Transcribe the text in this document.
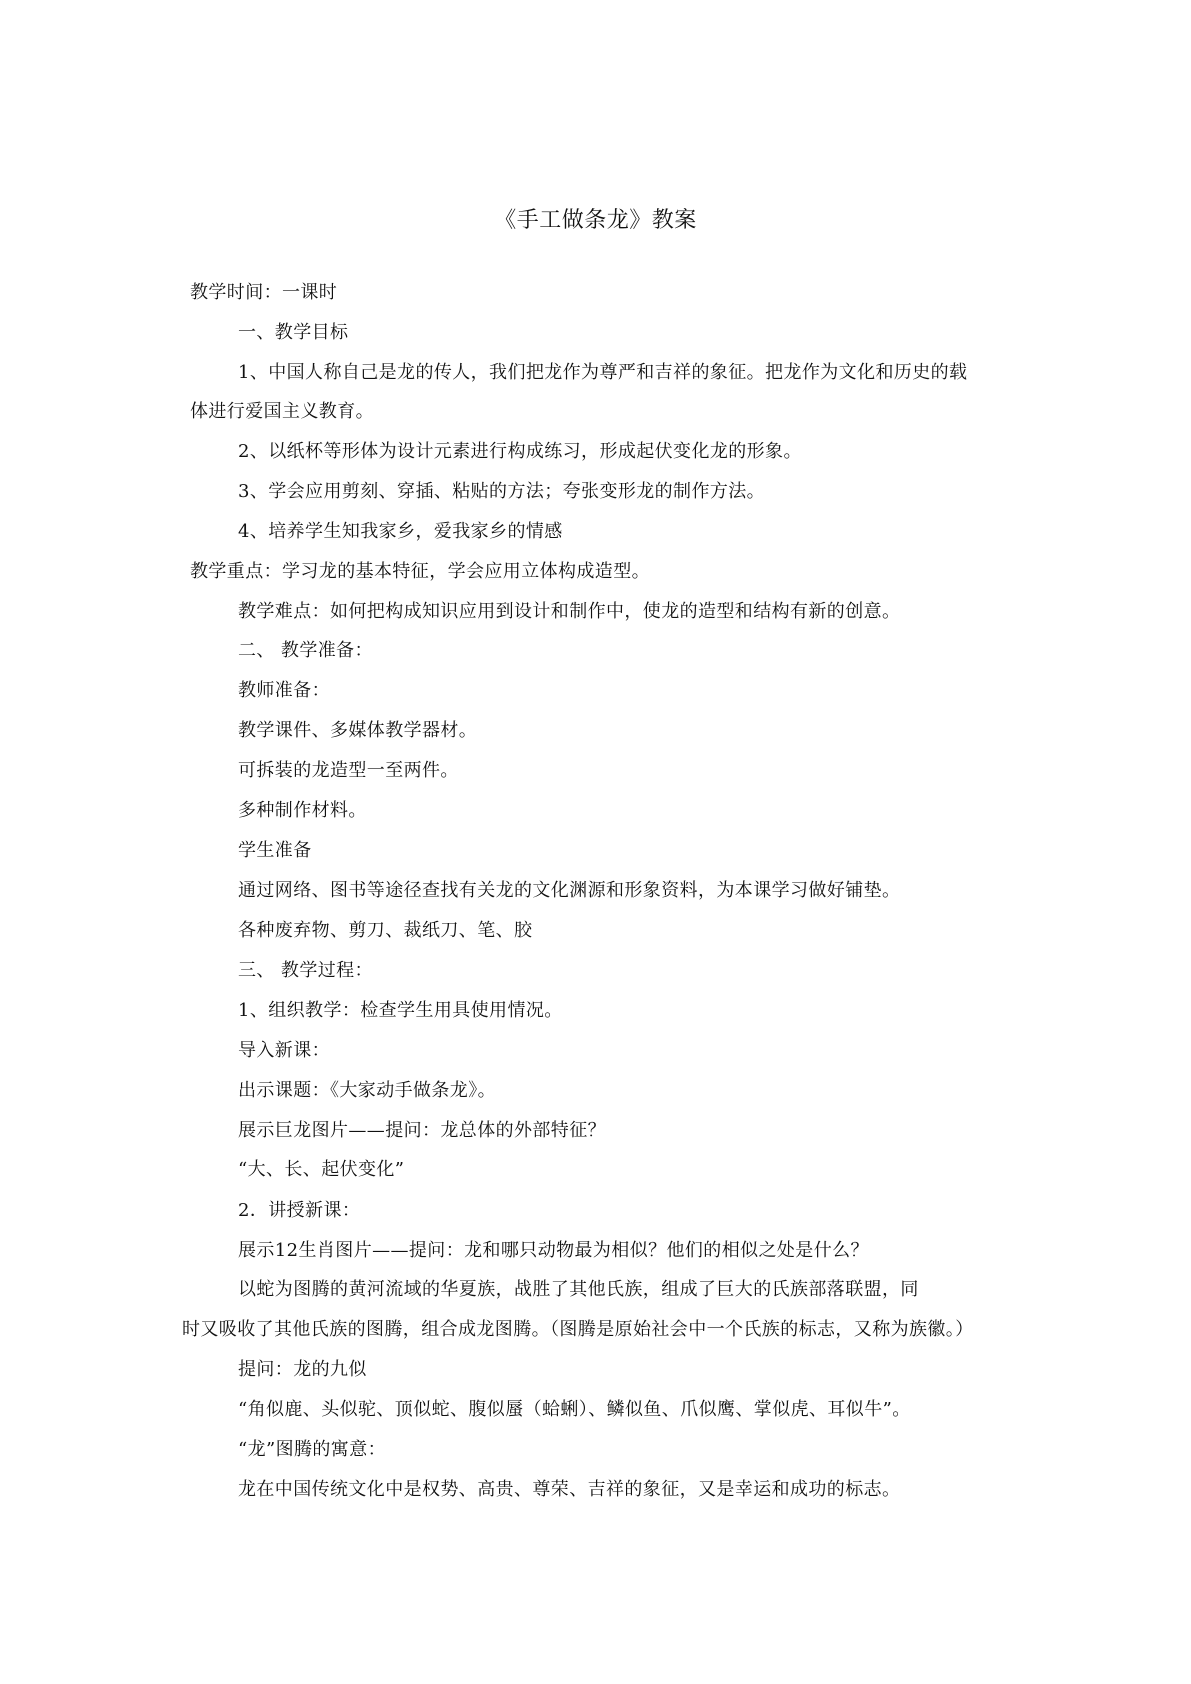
《手工做条龙》教案
教学时间：一课时
一、教学目标
1、中国人称自己是龙的传人，我们把龙作为尊严和吉祥的象征。把龙作为文化和历史的载
体进行爱国主义教育。
2、以纸杯等形体为设计元素进行构成练习，形成起伏变化龙的形象。
3、学会应用剪刻、穿插、粘贴的方法；夸张变形龙的制作方法。
4、培养学生知我家乡，爱我家乡的情感
教学重点：学习龙的基本特征，学会应用立体构成造型。
教学难点：如何把构成知识应用到设计和制作中，使龙的造型和结构有新的创意。
二、 教学准备：
教师准备：
教学课件、多媒体教学器材。
可拆装的龙造型一至两件。
多种制作材料。
学生准备
通过网络、图书等途径查找有关龙的文化渊源和形象资料，为本课学习做好铺垫。
各种废弃物、剪刀、裁纸刀、笔、胶
三、 教学过程：
1、组织教学：检查学生用具使用情况。
导入新课：
出示课题：《大家动手做条龙》。
展示巨龙图片——提问：龙总体的外部特征？
“大、长、起伏变化”
2．讲授新课：
展示12生肖图片——提问：龙和哪只动物最为相似？他们的相似之处是什么？
以蛇为图腾的黄河流域的华夏族，战胜了其他氏族，组成了巨大的氏族部落联盟，同
时又吸收了其他氏族的图腾，组合成龙图腾。（图腾是原始社会中一个氏族的标志，又称为族徽。）
提问：龙的九似
“角似鹿、头似驼、顶似蛇、腹似蜃（蛤蜊）、鳞似鱼、爪似鹰、掌似虎、耳似牛”。
“龙”图腾的寓意：
龙在中国传统文化中是权势、高贵、尊荣、吉祥的象征，又是幸运和成功的标志。
